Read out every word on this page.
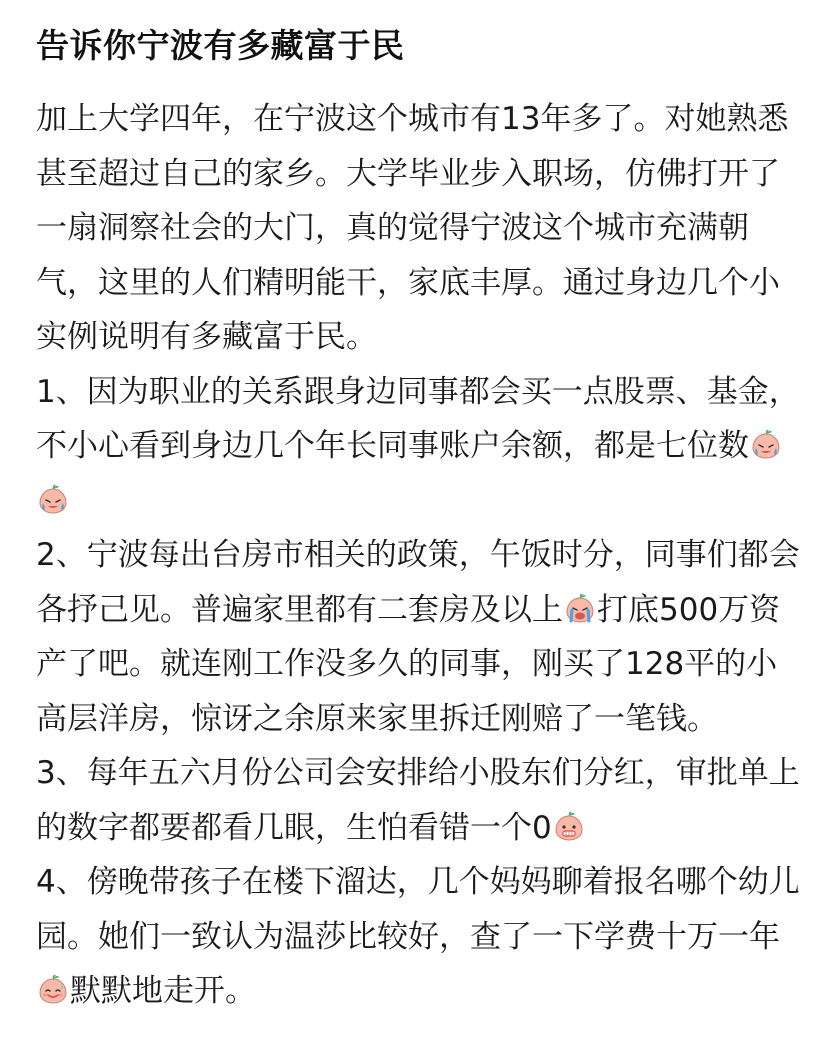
告诉你宁波有多藏富于民

加上大学四年，在宁波这个城市有13年多了。对她熟悉甚至超过自己的家乡。大学毕业步入职场，仿佛打开了一扇洞察社会的大门，真的觉得宁波这个城市充满朝气，这里的人们精明能干，家底丰厚。通过身边几个小实例说明有多藏富于民。

1、因为职业的关系跟身边同事都会买一点股票、基金，不小心看到身边几个年长同事账户余额，都是七位数

2、宁波每出台房市相关的政策，午饭时分，同事们都会各抒己见。普遍家里都有二套房及以上 打底500万资产了吧。就连刚工作没多久的同事，刚买了128平的小高层洋房，惊讶之余原来家里拆迁刚赔了一笔钱。

3、每年五六月份公司会安排给小股东们分红，审批单上的数字都要都看几眼，生怕看错一个0

4、傍晚带孩子在楼下溜达，几个妈妈聊着报名哪个幼儿园。她们一致认为温莎比较好，查了一下学费十万一年
默默地走开。
